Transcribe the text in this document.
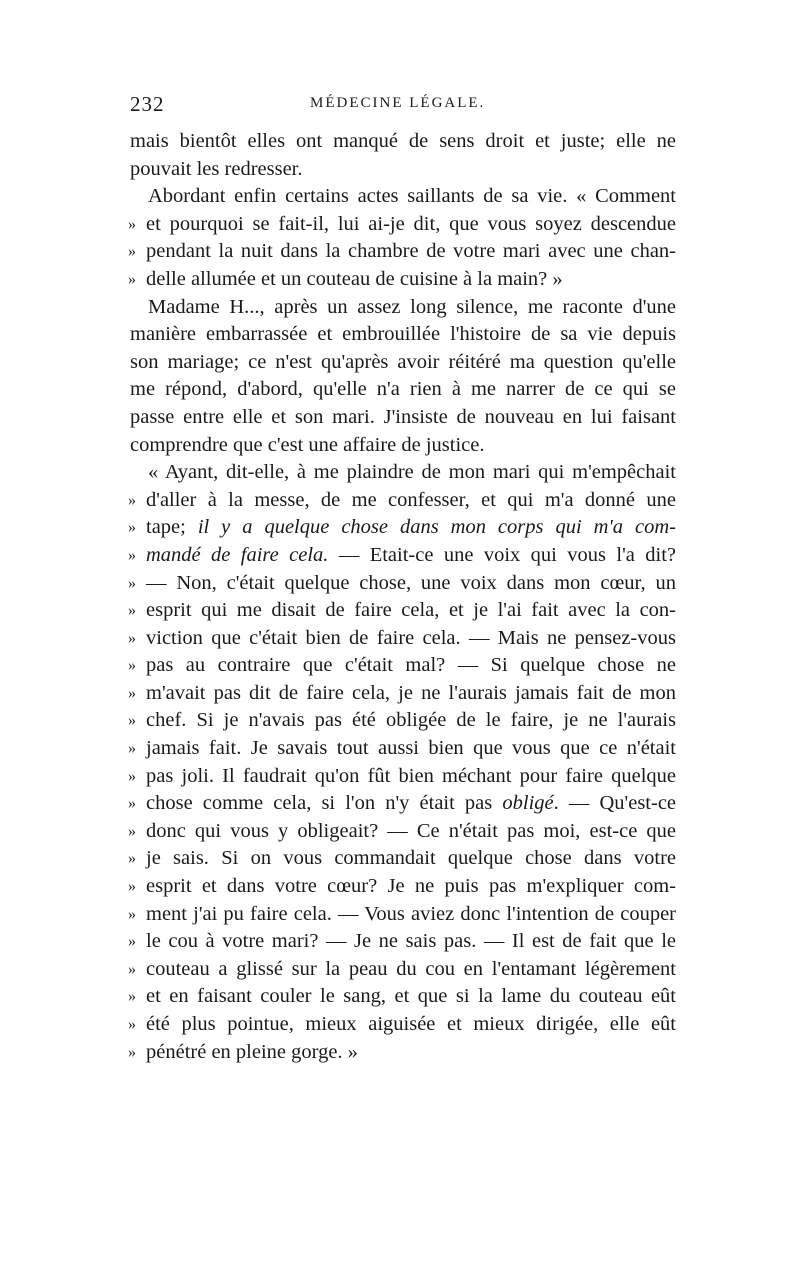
232	MÉDECINE LÉGALE.
mais bientôt elles ont manqué de sens droit et juste; elle ne
pouvait les redresser.
Abordant enfin certains actes saillants de sa vie. « Comment
» et pourquoi se fait-il, lui ai-je dit, que vous soyez descendue
» pendant la nuit dans la chambre de votre mari avec une chan-
» delle allumée et un couteau de cuisine à la main? »
Madame H..., après un assez long silence, me raconte d'une
manière embarrassée et embrouillée l'histoire de sa vie depuis
son mariage; ce n'est qu'après avoir réitéré ma question qu'elle
me répond, d'abord, qu'elle n'a rien à me narrer de ce qui se
passe entre elle et son mari. J'insiste de nouveau en lui faisant
comprendre que c'est une affaire de justice.
« Ayant, dit-elle, à me plaindre de mon mari qui m'empêchait
» d'aller à la messe, de me confesser, et qui m'a donné une
» tape; il y a quelque chose dans mon corps qui m'a com-
» mandé de faire cela. — Etait-ce une voix qui vous l'a dit?
» — Non, c'était quelque chose, une voix dans mon cœur, un
» esprit qui me disait de faire cela, et je l'ai fait avec la con-
» viction que c'était bien de faire cela. — Mais ne pensez-vous
» pas au contraire que c'était mal? — Si quelque chose ne
» m'avait pas dit de faire cela, je ne l'aurais jamais fait de mon
» chef. Si je n'avais pas été obligée de le faire, je ne l'aurais
» jamais fait. Je savais tout aussi bien que vous que ce n'était
» pas joli. Il faudrait qu'on fût bien méchant pour faire quelque
» chose comme cela, si l'on n'y était pas obligé. — Qu'est-ce
» donc qui vous y obligeait? — Ce n'était pas moi, est-ce que
» je sais. Si on vous commandait quelque chose dans votre
» esprit et dans votre cœur? Je ne puis pas m'expliquer com-
» ment j'ai pu faire cela. — Vous aviez donc l'intention de couper
» le cou à votre mari? — Je ne sais pas. — Il est de fait que le
» couteau a glissé sur la peau du cou en l'entamant légèrement
» et en faisant couler le sang, et que si la lame du couteau eût
» été plus pointue, mieux aiguisée et mieux dirigée, elle eût
» pénétré en pleine gorge. »
